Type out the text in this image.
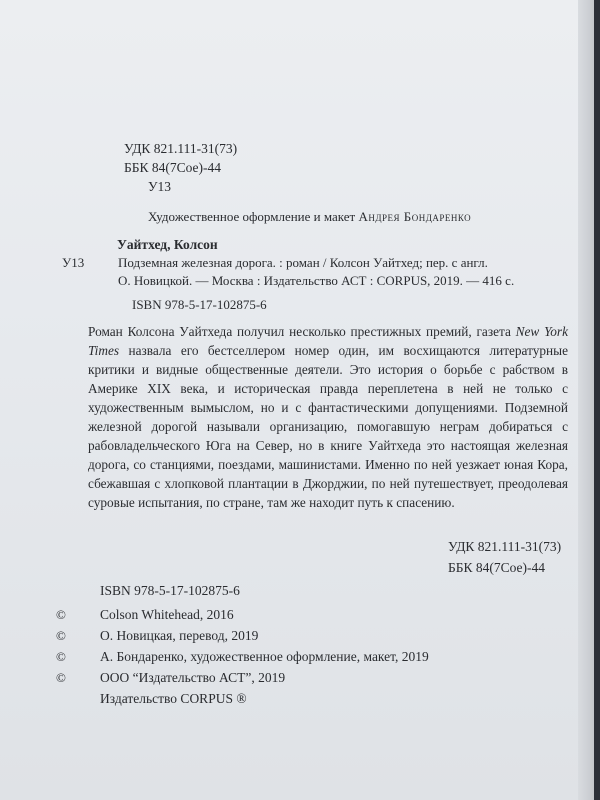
УДК 821.111-31(73)
ББК 84(7Сое)-44
У13
Художественное оформление и макет Андрея Бондаренко
Уайтхед, Колсон
У13	Подземная железная дорога. : роман / Колсон Уайтхед; пер. с англ.
О. Новицкой. — Москва : Издательство АСТ : CORPUS, 2019. — 416 с.
ISBN 978-5-17-102875-6

Роман Колсона Уайтхеда получил несколько престижных премий, газета New York Times назвала его бестселлером номер один, им восхищаются литературные критики и видные общественные деятели. Это история о борьбе с рабством в Америке XIX века, и историческая правда переплетена в ней не только с художественным вымыслом, но и с фантастическими допущениями. Подземной железной дорогой называли организацию, помогавшую неграм добираться с рабовладельческого Юга на Север, но в книге Уайтхеда это настоящая железная дорога, со станциями, поездами, машинистами. Именно по ней уезжает юная Кора, сбежавшая с хлопковой плантации в Джорджии, по ней путешествует, преодолевая суровые испытания, по стране, там же находит путь к спасению.

УДК 821.111-31(73)
ББК 84(7Сое)-44
ISBN 978-5-17-102875-6
©	Colson Whitehead, 2016
©	О. Новицкая, перевод, 2019
©	А. Бондаренко, художественное оформление, макет, 2019
©	ООО “Издательство АСТ”, 2019
Издательство CORPUS ®
